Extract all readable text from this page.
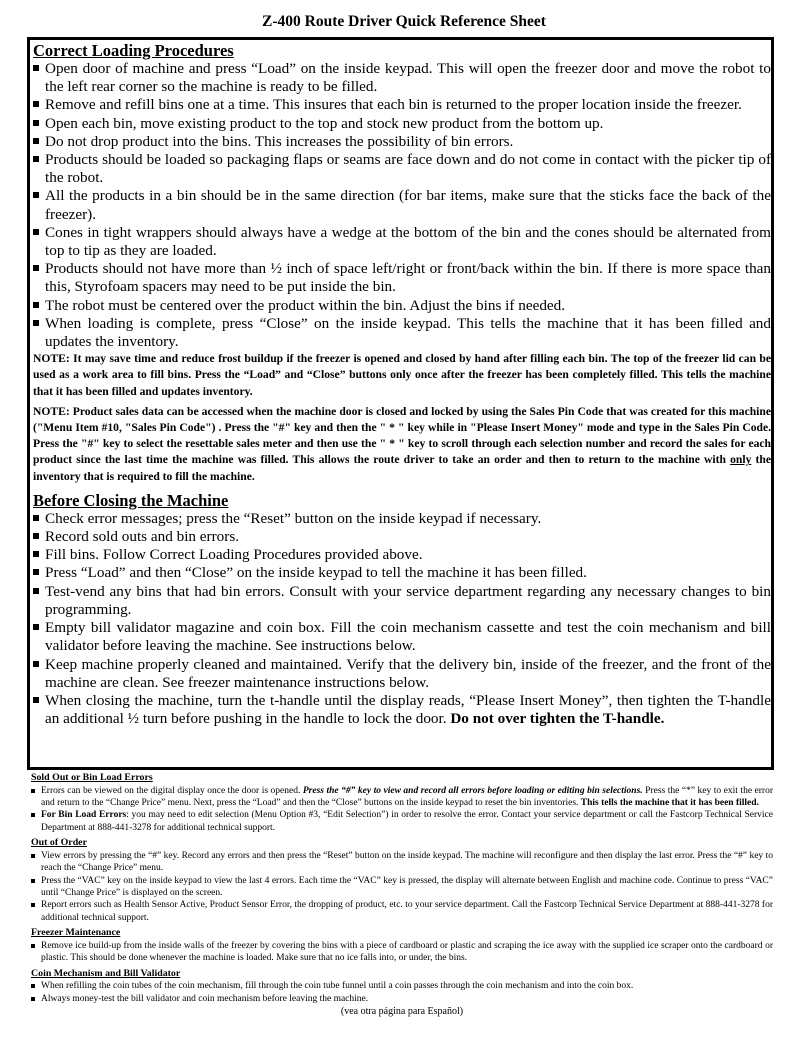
Z-400 Route Driver Quick Reference Sheet
Correct Loading Procedures
Open door of machine and press “Load” on the inside keypad. This will open the freezer door and move the robot to the left rear corner so the machine is ready to be filled.
Remove and refill bins one at a time. This insures that each bin is returned to the proper location inside the freezer.
Open each bin, move existing product to the top and stock new product from the bottom up.
Do not drop product into the bins. This increases the possibility of bin errors.
Products should be loaded so packaging flaps or seams are face down and do not come in contact with the picker tip of the robot.
All the products in a bin should be in the same direction (for bar items, make sure that the sticks face the back of the freezer).
Cones in tight wrappers should always have a wedge at the bottom of the bin and the cones should be alternated from top to tip as they are loaded.
Products should not have more than ½ inch of space left/right or front/back within the bin. If there is more space than this, Styrofoam spacers may need to be put inside the bin.
The robot must be centered over the product within the bin. Adjust the bins if needed.
When loading is complete, press “Close” on the inside keypad. This tells the machine that it has been filled and updates the inventory.
NOTE: It may save time and reduce frost buildup if the freezer is opened and closed by hand after filling each bin. The top of the freezer lid can be used as a work area to fill bins. Press the “Load” and “Close” buttons only once after the freezer has been completely filled. This tells the machine that it has been filled and updates inventory.
NOTE: Product sales data can be accessed when the machine door is closed and locked by using the Sales Pin Code that was created for this machine ("Menu Item #10, "Sales Pin Code") . Press the "#" key and then the " * " key while in "Please Insert Money" mode and type in the Sales Pin Code. Press the "#" key to select the resettable sales meter and then use the " * " key to scroll through each selection number and record the sales for each product since the last time the machine was filled. This allows the route driver to take an order and then to return to the machine with only the inventory that is required to fill the machine.
Before Closing the Machine
Check error messages; press the “Reset” button on the inside keypad if necessary.
Record sold outs and bin errors.
Fill bins. Follow Correct Loading Procedures provided above.
Press “Load” and then “Close” on the inside keypad to tell the machine it has been filled.
Test-vend any bins that had bin errors. Consult with your service department regarding any necessary changes to bin programming.
Empty bill validator magazine and coin box. Fill the coin mechanism cassette and test the coin mechanism and bill validator before leaving the machine. See instructions below.
Keep machine properly cleaned and maintained. Verify that the delivery bin, inside of the freezer, and the front of the machine are clean. See freezer maintenance instructions below.
When closing the machine, turn the t-handle until the display reads, “Please Insert Money”, then tighten the T-handle an additional ½ turn before pushing in the handle to lock the door. Do not over tighten the T-handle.
Sold Out or Bin Load Errors
Errors can be viewed on the digital display once the door is opened. Press the “#” key to view and record all errors before loading or editing bin selections. Press the “*” key to exit the error and return to the “Change Price” menu. Next, press the “Load” and then the “Close” buttons on the inside keypad to reset the bin inventories. This tells the machine that it has been filled.
For Bin Load Errors: you may need to edit selection (Menu Option #3, “Edit Selection”) in order to resolve the error. Contact your service department or call the Fastcorp Technical Service Department at 888-441-3278 for additional technical support.
Out of Order
View errors by pressing the “#” key. Record any errors and then press the “Reset” button on the inside keypad. The machine will reconfigure and then display the last error. Press the “#” key to reach the “Change Price” menu.
Press the “VAC” key on the inside keypad to view the last 4 errors. Each time the “VAC” key is pressed, the display will alternate between English and machine code. Continue to press “VAC” until “Change Price” is displayed on the screen.
Report errors such as Health Sensor Active, Product Sensor Error, the dropping of product, etc. to your service department. Call the Fastcorp Technical Service Department at 888-441-3278 for additional technical support.
Freezer Maintenance
Remove ice build-up from the inside walls of the freezer by covering the bins with a piece of cardboard or plastic and scraping the ice away with the supplied ice scraper onto the cardboard or plastic. This should be done whenever the machine is loaded. Make sure that no ice falls into, or under, the bins.
Coin Mechanism and Bill Validator
When refilling the coin tubes of the coin mechanism, fill through the coin tube funnel until a coin passes through the coin mechanism and into the coin box.
Always money-test the bill validator and coin mechanism before leaving the machine.
(vea otra página para Español)
